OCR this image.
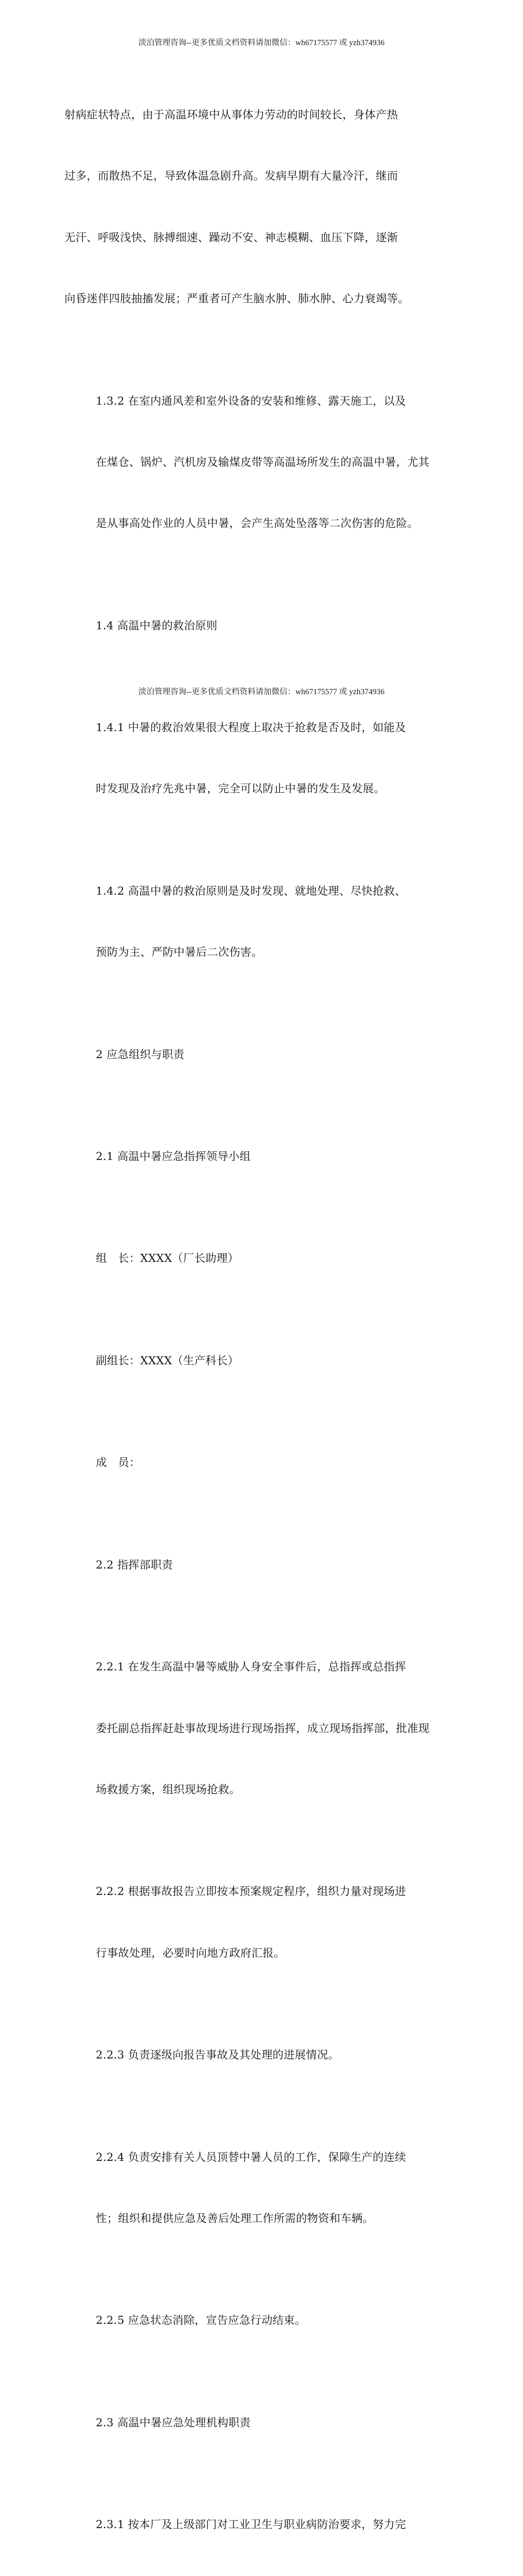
淡泊管理咨询--更多优质文档资料请加微信：wh67175577 或 yzh374936

射病症状特点，由于高温环境中从事体力劳动的时间较长，身体产热

过多，而散热不足，导致体温急剧升高。发病早期有大量冷汗，继而

无汗、呼吸浅快、脉搏细速、躁动不安、神志模糊、血压下降，逐渐

向昏迷伴四肢抽搐发展；严重者可产生脑水肿、肺水肿、心力衰竭等。

1.3.2 在室内通风差和室外设备的安装和维修、露天施工，以及

在煤仓、锅炉、汽机房及输煤皮带等高温场所发生的高温中暑，尤其

是从事高处作业的人员中暑，会产生高处坠落等二次伤害的危险。

1.4 高温中暑的救治原则

1.4.1 中暑的救治效果很大程度上取决于抢救是否及时，如能及

时发现及治疗先兆中暑，完全可以防止中暑的发生及发展。

1.4.2 高温中暑的救治原则是及时发现、就地处理、尽快抢救、

预防为主、严防中暑后二次伤害。

2 应急组织与职责

2.1 高温中暑应急指挥领导小组

组　长：XXXX（厂长助理）

副组长：XXXX（生产科长）

成　员：

2.2 指挥部职责

2.2.1 在发生高温中暑等威胁人身安全事件后，总指挥或总指挥

委托副总指挥赶赴事故现场进行现场指挥，成立现场指挥部，批准现

场救援方案，组织现场抢救。

2.2.2 根据事故报告立即按本预案规定程序，组织力量对现场进

行事故处理，必要时向地方政府汇报。

2.2.3 负责逐级向报告事故及其处理的进展情况。

2.2.4 负责安排有关人员顶替中暑人员的工作，保障生产的连续

性；组织和提供应急及善后处理工作所需的物资和车辆。

2.2.5 应急状态消除，宣告应急行动结束。

2.3 高温中暑应急处理机构职责

2.3.1 按本厂及上级部门对工业卫生与职业病防治要求，努力完

淡泊管理咨询--更多优质文档资料请加微信：wh67175577 或 yzh374936
